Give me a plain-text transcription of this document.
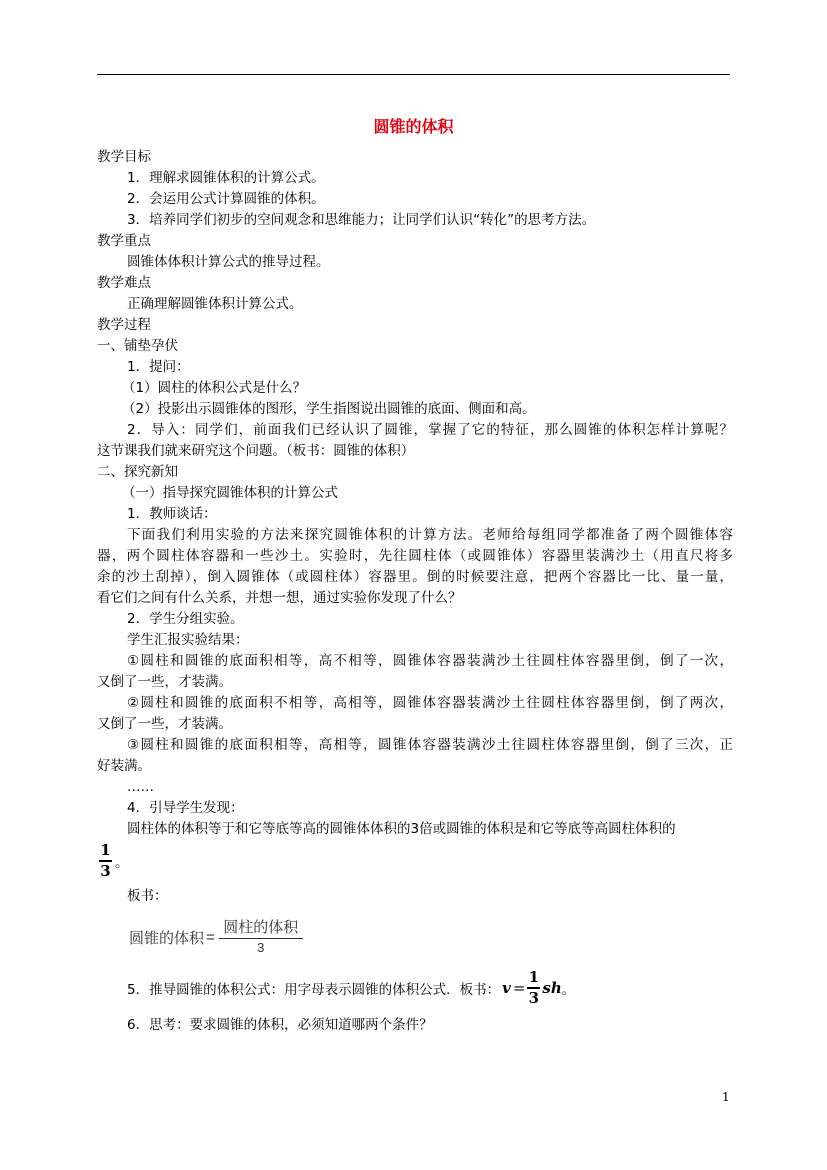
圆锥的体积
教学目标
1．理解求圆锥体积的计算公式。
2．会运用公式计算圆锥的体积。
3．培养同学们初步的空间观念和思维能力；让同学们认识“转化”的思考方法。
教学重点
圆锥体体积计算公式的推导过程。
教学难点
正确理解圆锥体积计算公式。
教学过程
一、铺垫孕伏
1．提问：
（1）圆柱的体积公式是什么？
（2）投影出示圆锥体的图形，学生指图说出圆锥的底面、侧面和高。
2．导入：同学们，前面我们已经认识了圆锥，掌握了它的特征，那么圆锥的体积怎样计算呢？
这节课我们就来研究这个问题。（板书：圆锥的体积）
二、探究新知
（一）指导探究圆锥体积的计算公式
1．教师谈话：
下面我们利用实验的方法来探究圆锥体积的计算方法。老师给每组同学都准备了两个圆锥体容
器，两个圆柱体容器和一些沙土。实验时，先往圆柱体（或圆锥体）容器里装满沙土（用直尺将多
余的沙土刮掉），倒入圆锥体（或圆柱体）容器里。倒的时候要注意，把两个容器比一比、量一量，
看它们之间有什么关系，并想一想，通过实验你发现了什么？
2．学生分组实验。
学生汇报实验结果：
①圆柱和圆锥的底面积相等，高不相等，圆锥体容器装满沙土往圆柱体容器里倒，倒了一次，
又倒了一些，才装满。
②圆柱和圆锥的底面积不相等，高相等，圆锥体容器装满沙土往圆柱体容器里倒，倒了两次，
又倒了一些，才装满。
③圆柱和圆锥的底面积相等，高相等，圆锥体容器装满沙土往圆柱体容器里倒，倒了三次，正
好装满。
……
4．引导学生发现：
圆柱体的体积等于和它等底等高的圆锥体体积的3倍或圆锥的体积是和它等底等高圆柱体积的
$\frac{1}{3}$ 。
板书：
圆锥的体积 = $\frac{\text{圆柱的体积}}{3}$
5．推导圆锥的体积公式：用字母表示圆锥的体积公式．板书： $v = \frac{1}{3}$ sh 。
6．思考：要求圆锥的体积，必须知道哪两个条件？
1
